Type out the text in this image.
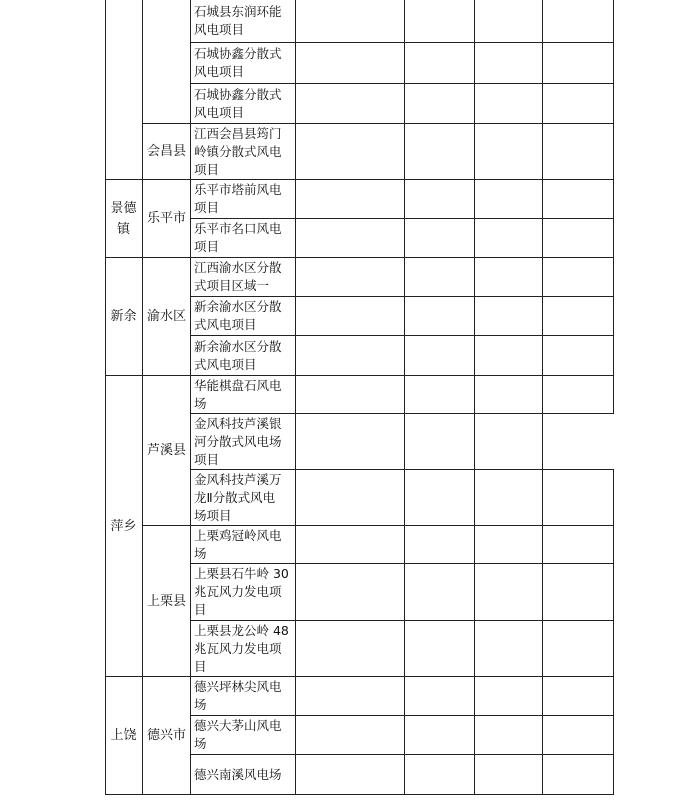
石城县东润环能
风电项目
石城协鑫分散式
风电项目
石城协鑫分散式
风电项目
江西会昌县筠门
岭镇分散式风电
项目
会昌县
乐平市塔前风电
项目
乐平市名口风电
项目
乐平市
景德
镇
江西渝水区分散
式项目区域一
新余渝水区分散
式风电项目
新余渝水区分散
式风电项目
渝水区
新余
华能棋盘石风电
场
金风科技芦溪银
河分散式风电场
项目
金风科技芦溪万
龙Ⅱ分散式风电
场项目
芦溪县
上栗鸡冠岭风电
场
上栗县石牛岭 30
兆瓦风力发电项
目
上栗县龙公岭 48
兆瓦风力发电项
目
上栗县
萍乡
德兴坪林尖风电
场
德兴大茅山风电
场
德兴南溪风电场
德兴市
上饶
